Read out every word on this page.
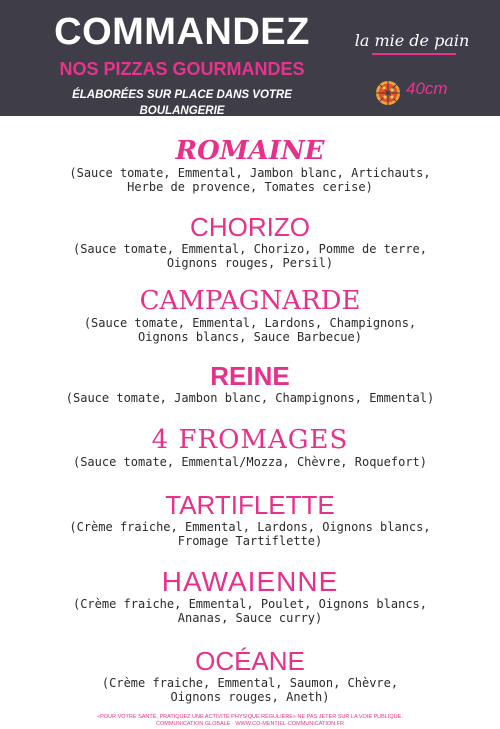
COMMANDEZ
NOS PIZZAS GOURMANDES
ÉLABORÉES SUR PLACE DANS VOTRE BOULANGERIE
la mie de pain
40cm
ROMAINE
(Sauce tomate, Emmental, Jambon blanc, Artichauts,
Herbe de provence, Tomates cerise)
CHORIZO
(Sauce tomate, Emmental, Chorizo, Pomme de terre,
Oignons rouges, Persil)
CAMPAGNARDE
(Sauce tomate, Emmental, Lardons, Champignons,
Oignons blancs, Sauce Barbecue)
REINE
(Sauce tomate, Jambon blanc, Champignons, Emmental)
4 FROMAGES
(Sauce tomate, Emmental/Mozza, Chèvre, Roquefort)
TARTIFLETTE
(Crème fraiche, Emmental, Lardons, Oignons blancs,
Fromage Tartiflette)
HAWAIENNE
(Crème fraiche, Emmental, Poulet, Oignons blancs,
Ananas, Sauce curry)
OCÉANE
(Crème fraiche, Emmental, Saumon, Chèvre,
Oignons rouges, Aneth)
«POUR VOTRE SANTÉ, PRATIQUEZ UNE ACTIVITÉ PHYSIQUE RÉGULIÈRE» NE PAS JETER SUR LA VOIE PUBLIQUE.
COMMUNICATION GLOBALE · WWW.CO-MENTIEL-COMMUNICATION.FR
